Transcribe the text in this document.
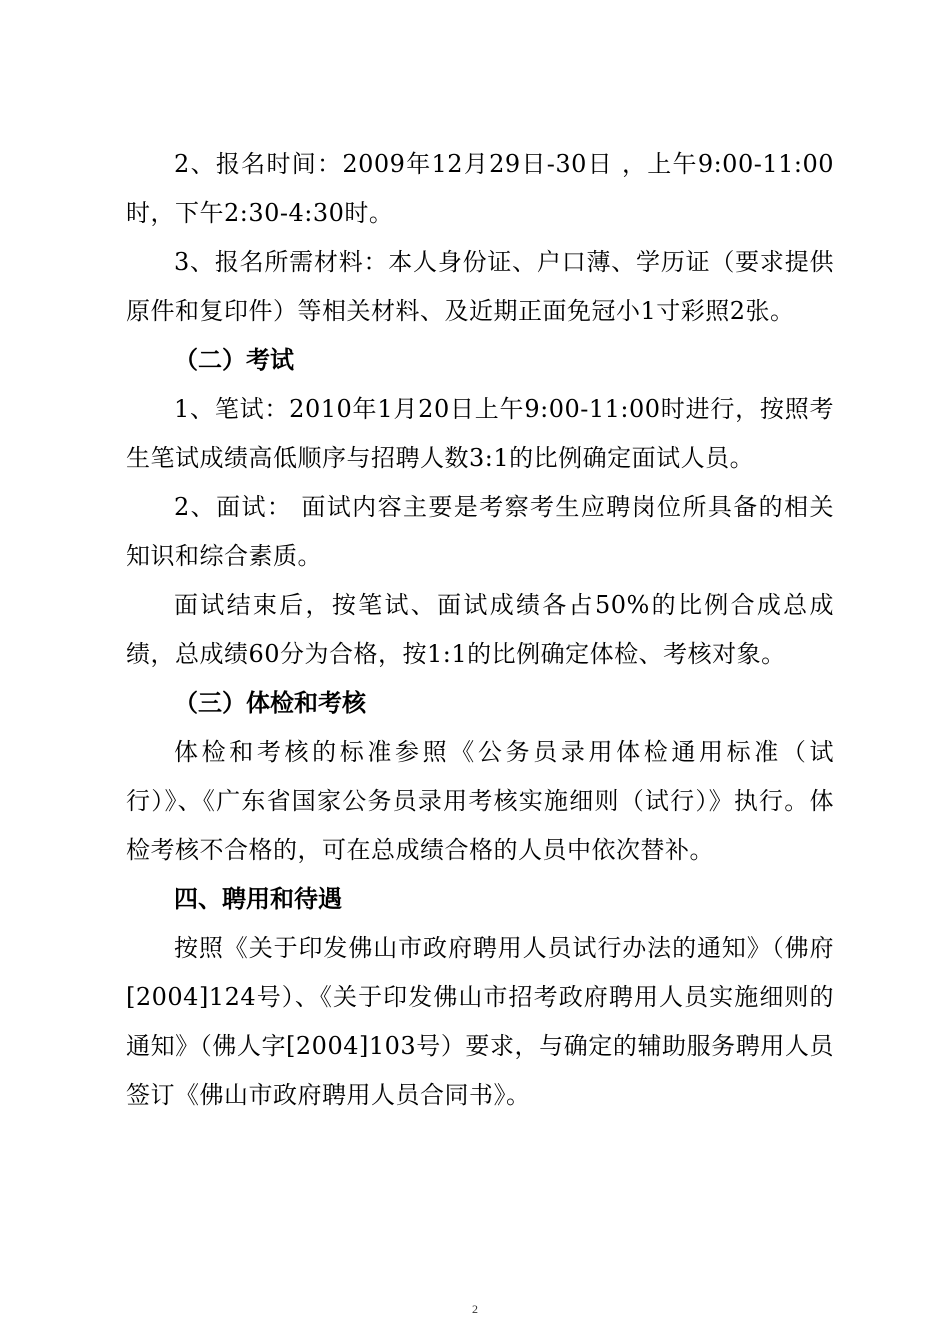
2、报名时间：2009年12月29日-30日 ，上午9:00-11:00时，下午2:30-4:30时。

3、报名所需材料：本人身份证、户口薄、学历证（要求提供原件和复印件）等相关材料、及近期正面免冠小1寸彩照2张。

（二）考试

1、笔试：2010年1月20日上午9:00-11:00时进行，按照考生笔试成绩高低顺序与招聘人数3:1的比例确定面试人员。

2、面试： 面试内容主要是考察考生应聘岗位所具备的相关知识和综合素质。

面试结束后，按笔试、面试成绩各占50%的比例合成总成绩，总成绩60分为合格，按1:1的比例确定体检、考核对象。

（三）体检和考核

体检和考核的标准参照《公务员录用体检通用标准（试行）》、《广东省国家公务员录用考核实施细则（试行）》执行。体检考核不合格的，可在总成绩合格的人员中依次替补。

四、聘用和待遇

按照《关于印发佛山市政府聘用人员试行办法的通知》（佛府[2004]124号）、《关于印发佛山市招考政府聘用人员实施细则的通知》（佛人字[2004]103号）要求，与确定的辅助服务聘用人员签订《佛山市政府聘用人员合同书》。

2
